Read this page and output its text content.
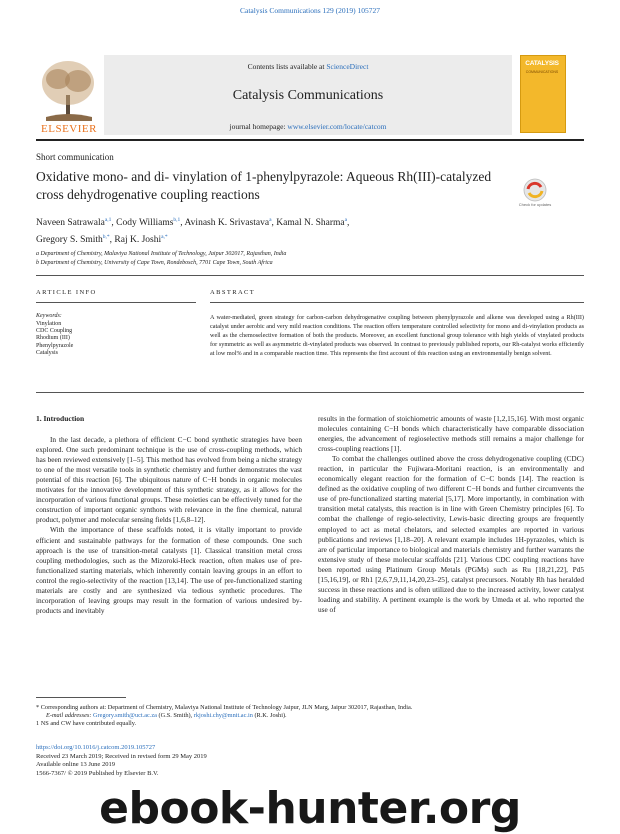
Catalysis Communications 129 (2019) 105727
ELSEVIER
Contents lists available at ScienceDirect
Catalysis Communications
journal homepage: www.elsevier.com/locate/catcom
CATALYSIS
COMMUNICATIONS
Short communication
Oxidative mono- and di- vinylation of 1-phenylpyrazole: Aqueous Rh(III)-catalyzed cross dehydrogenative coupling reactions
Check for updates
Naveen Satrawala$^{a,1}$, Cody Williams$^{b,1}$, Avinash K. Srivastava$^a$, Kamal N. Sharma$^a$,
Gregory S. Smith$^{b,*}$, Raj K. Joshi$^{a,*}$
a Department of Chemistry, Malaviya National Institute of Technology, Jaipur 302017, Rajasthan, India
b Department of Chemistry, University of Cape Town, Rondebosch, 7701 Cape Town, South Africa
ARTICLE INFO	ABSTRACT
Keywords:
Vinylation
CDC Coupling
Rhodium (III)
Phenylpyrazole
Catalysis
A water-mediated, green strategy for carbon-carbon dehydrogenative coupling between phenylpyrazole and alkene was developed using a Rh(III) catalyst under aerobic and very mild reaction conditions. The reaction offers temperature controlled selectivity for mono and di-vinylation products as well as the chemoselective formation of both the products. Moreover, an excellent functional group tolerance with high yields of vinylated products for symmetric as well as asymmetric di-vinylated products was observed. In contrast to previously published reports, our Rh-catalyst works efficiently at low mol% and in a comparable reaction time. This represents the first account of this reaction using an environmentally benign solvent.

1. Introduction

In the last decade, a plethora of efficient C−C bond synthetic strategies have been explored. One such predominant technique is the use of cross-coupling methods, which has been reviewed extensively [1–5]. This method has evolved from being a niche strategy to one of the most versatile tools in synthetic chemistry and further demonstrates the vast potential of this reaction [6]. The ubiquitous nature of C−H bonds in organic molecules motivates for the innovative development of this synthetic strategy, as it allows for the incorporation of various functional groups. These moieties can be effectively tuned for the construction of important organic synthons with relevance in the fine chemical, natural product, polymer and molecular sensing fields [1,6,8–12].

With the importance of these scaffolds noted, it is vitally important to provide efficient and sustainable pathways for the formation of these compounds. One such approach is the use of transition-metal catalysts [1]. Classical transition metal cross coupling methodologies, such as the Mizoroki-Heck reaction, often makes use of pre-functionalized starting materials, which inherently contain leaving groups in an effort to control the regio-selectivity of the reaction [13,14]. The use of pre-functionalized starting materials are costly and are synthesized via tedious synthetic procedures. The incorporation of leaving groups may result in the formation of various undesired by-products and inevitably

results in the formation of stoichiometric amounts of waste [1,2,15,16]. With most organic molecules containing C−H bonds which characteristically have comparable dissociation energies, the advancement of regioselective methods still remains a major challenge for cross-coupling reactions [1].

To combat the challenges outlined above the cross dehydrogenative coupling (CDC) reaction, in particular the Fujiwara-Moritani reaction, is an environmentally and economically elegant reaction for the formation of C−C bonds [14]. The reaction is defined as the oxidative coupling of two different C−H bonds and further circumvents the use of pre-functionalized starting material [5,17]. More importantly, in combination with transition metal catalysts, this reaction is in line with Green Chemistry principles [6]. To combat the challenge of regio-selectivity, Lewis-basic directing groups are frequently employed to act as metal chelators, and selected examples are reported in various publications and reviews [1,18–20]. A relevant example includes 1H-pyrazoles, which is are of particular importance to biological and materials chemistry and further warrants the extensive study of these molecular scaffolds [21]. Various CDC coupling reactions have been reported using Platinum Group Metals (PGMs) such as Ru [18,21,22], Pd5 [15,16,19], or Rh1 [2,6,7,9,11,14,20,23–25], catalyst precursors. Notably Rh has heralded success in these reactions and is often utilized due to the increased activity, lower catalyst loading and stability. A pertinent example is the work by Umeda et al. who reported the use of

* Corresponding authors at: Department of Chemistry, Malaviya National Institute of Technology Jaipur, JLN Marg, Jaipur 302017, Rajasthan, India.
E-mail addresses: Gregory.smith@uct.ac.za (G.S. Smith), rkjoshi.chy@mnit.ac.in (R.K. Joshi).
1 NS and CW have contributed equally.
https://doi.org/10.1016/j.catcom.2019.105727
Received 23 March 2019; Received in revised form 29 May 2019
Available online 13 June 2019
1566-7367/ © 2019 Published by Elsevier B.V.
ebook-hunter.org
